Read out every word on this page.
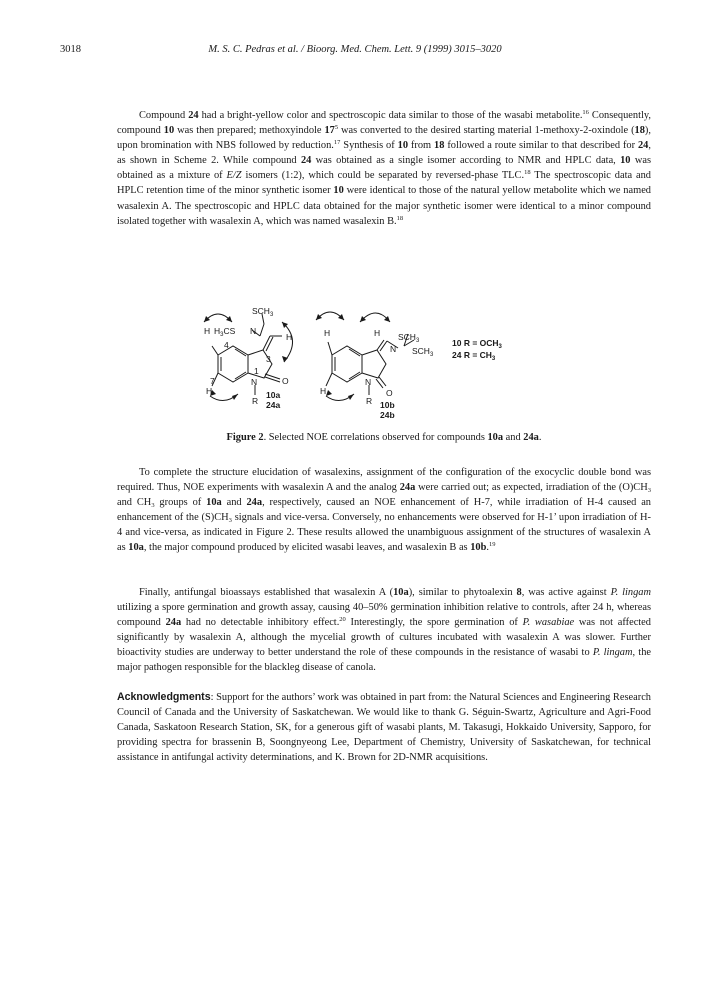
3018	M. S. C. Pedras et al. / Bioorg. Med. Chem. Lett. 9 (1999) 3015–3020

Compound 24 had a bright-yellow color and spectroscopic data similar to those of the wasabi metabolite.$^{16}$ Consequently, compound 10 was then prepared; methoxyindole $17^5$ was converted to the desired starting material 1-methoxy-2-oxindole (18), upon bromination with NBS followed by reduction.$^{17}$ Synthesis of 10 from 18 followed a route similar to that described for 24, as shown in Scheme 2. While compound 24 was obtained as a single isomer according to NMR and HPLC data, 10 was obtained as a mixture of E/Z isomers (1:2), which could be separated by reversed-phase TLC.$^{18}$ The spectroscopic data and HPLC retention time of the minor synthetic isomer 10 were identical to those of the natural yellow metabolite which we named wasalexin A. The spectroscopic and HPLC data obtained for the major synthetic isomer were identical to a minor compound isolated together with wasalexin A, which was named wasalexin B.$^{18}$

$SCH_3$
H $H_3CS$ N
H
4
3
1
N	O
7
H
R
10a
24a
H	H $SCH_3$
N $SCH_3$
N
O
H
R 10b
24b
10 $R = OCH_3$
24 $R = CH_3$
Figure 2. Selected NOE correlations observed for compounds 10a and 24a.

To complete the structure elucidation of wasalexins, assignment of the configuration of the exocyclic double bond was required. Thus, NOE experiments with wasalexin A and the analog 24a were carried out; as expected, irradiation of the $(O)CH_3$ and $CH_3$ groups of 10a and 24a, respectively, caused an NOE enhancement of H-7, while irradiation of H-4 caused an enhancement of the $(S)CH_3$ signals and vice-versa. Conversely, no enhancements were observed for H-1’ upon irradiation of H-4 and vice-versa, as indicated in Figure 2. These results allowed the unambiguous assignment of the structures of wasalexin A as 10a, the major compound produced by elicited wasabi leaves, and wasalexin B as 10b.$^{19}$

Finally, antifungal bioassays established that wasalexin A (10a), similar to phytoalexin 8, was active against P. lingam utilizing a spore germination and growth assay, causing 40–50% germination inhibition relative to controls, after 24 h, whereas compound 24a had no detectable inhibitory effect.$^{20}$ Interestingly, the spore germination of P. wasabiae was not affected significantly by wasalexin A, although the mycelial growth of cultures incubated with wasalexin A was slower. Further bioactivity studies are underway to better understand the role of these compounds in the resistance of wasabi to P. lingam, the major pathogen responsible for the blackleg disease of canola.

Acknowledgments: Support for the authors’ work was obtained in part from: the Natural Sciences and Engineering Research Council of Canada and the University of Saskatchewan. We would like to thank G. Séguin-Swartz, Agriculture and Agri-Food Canada, Saskatoon Research Station, SK, for a generous gift of wasabi plants, M. Takasugi, Hokkaido University, Sapporo, for providing spectra for brassenin B, Soongnyeong Lee, Department of Chemistry, University of Saskatchewan, for technical assistance in antifungal activity determinations, and K. Brown for 2D-NMR acquisitions.
